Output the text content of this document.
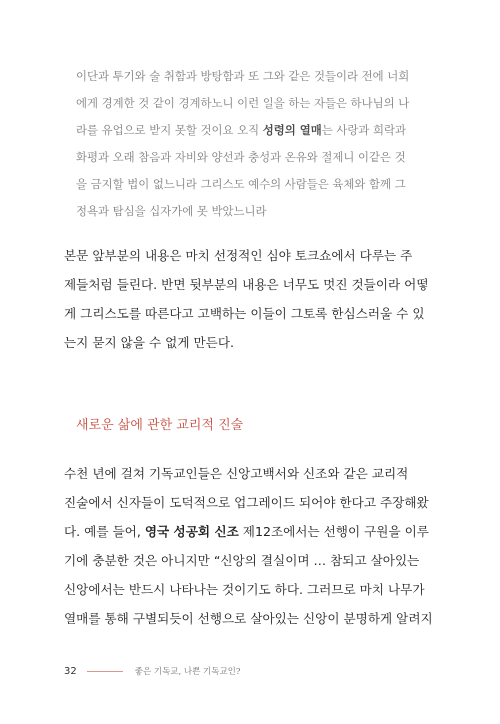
이단과 투기와 술 취함과 방탕함과 또 그와 같은 것들이라 전에 너희
에게 경계한 것 같이 경계하노니 이런 일을 하는 자들은 하나님의 나
라를 유업으로 받지 못할 것이요 오직 성령의 열매는 사랑과 희락과
화평과 오래 참음과 자비와 양선과 충성과 온유와 절제니 이같은 것
을 금지할 법이 없느니라 그리스도 예수의 사람들은 육체와 함께 그
정욕과 탐심을 십자가에 못 박았느니라
본문 앞부분의 내용은 마치 선정적인 심야 토크쇼에서 다루는 주
제들처럼 들린다. 반면 뒷부분의 내용은 너무도 멋진 것들이라 어떻
게 그리스도를 따른다고 고백하는 이들이 그토록 한심스러울 수 있
는지 묻지 않을 수 없게 만든다.
새로운 삶에 관한 교리적 진술
수천 년에 걸쳐 기독교인들은 신앙고백서와 신조와 같은 교리적
진술에서 신자들이 도덕적으로 업그레이드 되어야 한다고 주장해왔
다. 예를 들어, 영국 성공회 신조 제12조에서는 선행이 구원을 이루
기에 충분한 것은 아니지만 “신앙의 결실이며 … 참되고 살아있는
신앙에서는 반드시 나타나는 것이기도 하다. 그러므로 마치 나무가
열매를 통해 구별되듯이 선행으로 살아있는 신앙이 분명하게 알려지
32	좋은 기독교, 나쁜 기독교인?
